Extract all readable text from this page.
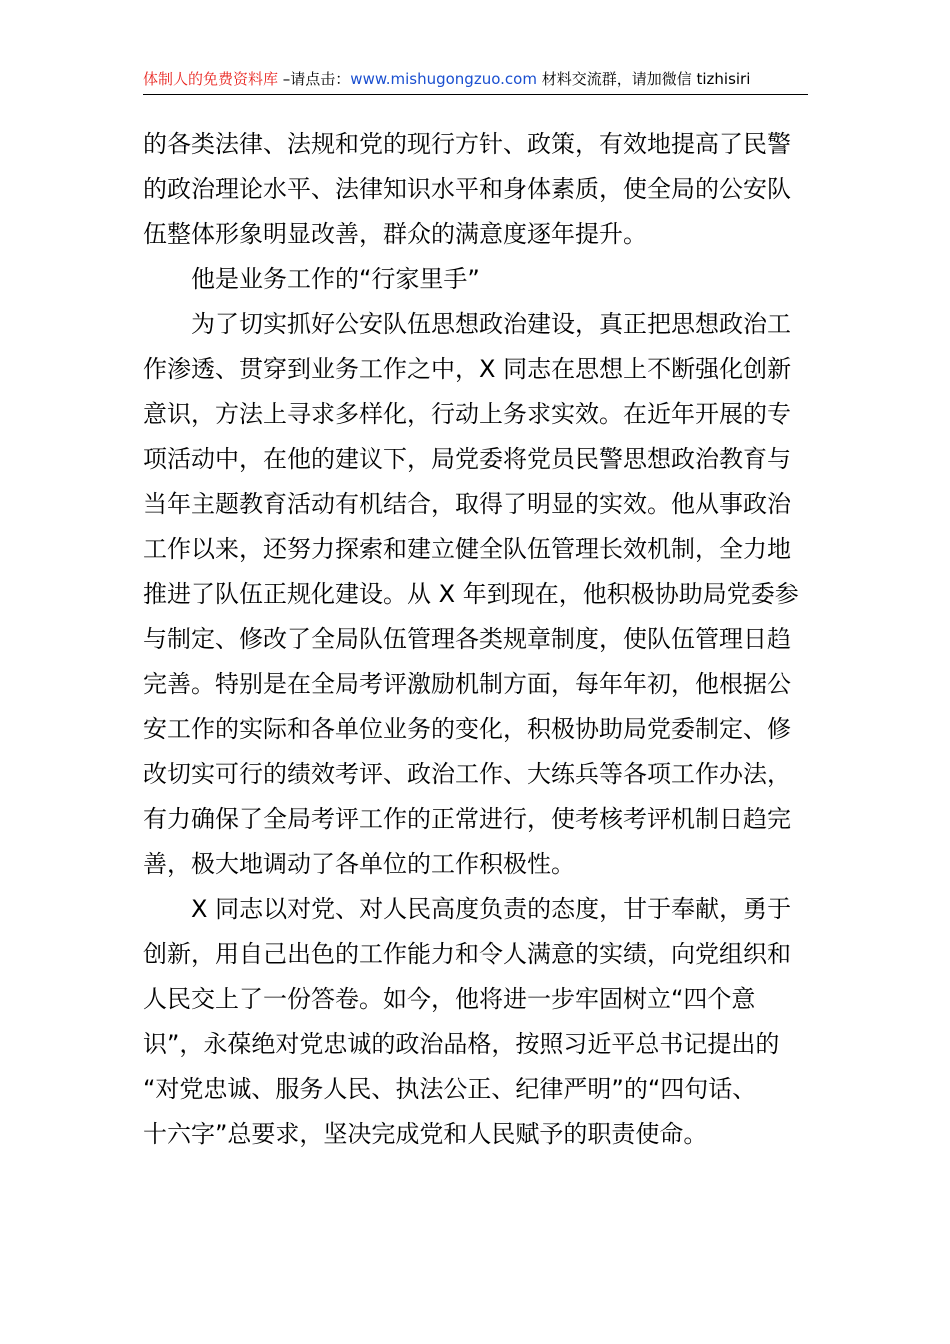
体制人的免费资料库 –请点击：www.mishugongzuo.com 材料交流群，请加微信 tizhisiri
的各类法律、法规和党的现行方针、政策，有效地提高了民警
的政治理论水平、法律知识水平和身体素质，使全局的公安队
伍整体形象明显改善，群众的满意度逐年提升。
他是业务工作的“行家里手”
为了切实抓好公安队伍思想政治建设，真正把思想政治工
作渗透、贯穿到业务工作之中，X 同志在思想上不断强化创新
意识，方法上寻求多样化，行动上务求实效。在近年开展的专
项活动中，在他的建议下，局党委将党员民警思想政治教育与
当年主题教育活动有机结合，取得了明显的实效。他从事政治
工作以来，还努力探索和建立健全队伍管理长效机制，全力地
推进了队伍正规化建设。从 X 年到现在，他积极协助局党委参
与制定、修改了全局队伍管理各类规章制度，使队伍管理日趋
完善。特别是在全局考评激励机制方面，每年年初，他根据公
安工作的实际和各单位业务的变化，积极协助局党委制定、修
改切实可行的绩效考评、政治工作、大练兵等各项工作办法，
有力确保了全局考评工作的正常进行，使考核考评机制日趋完
善，极大地调动了各单位的工作积极性。
X 同志以对党、对人民高度负责的态度，甘于奉献，勇于
创新，用自己出色的工作能力和令人满意的实绩，向党组织和
人民交上了一份答卷。如今，他将进一步牢固树立“四个意
识”，永葆绝对党忠诚的政治品格，按照习近平总书记提出的
“对党忠诚、服务人民、执法公正、纪律严明”的“四句话、
十六字”总要求，坚决完成党和人民赋予的职责使命。
